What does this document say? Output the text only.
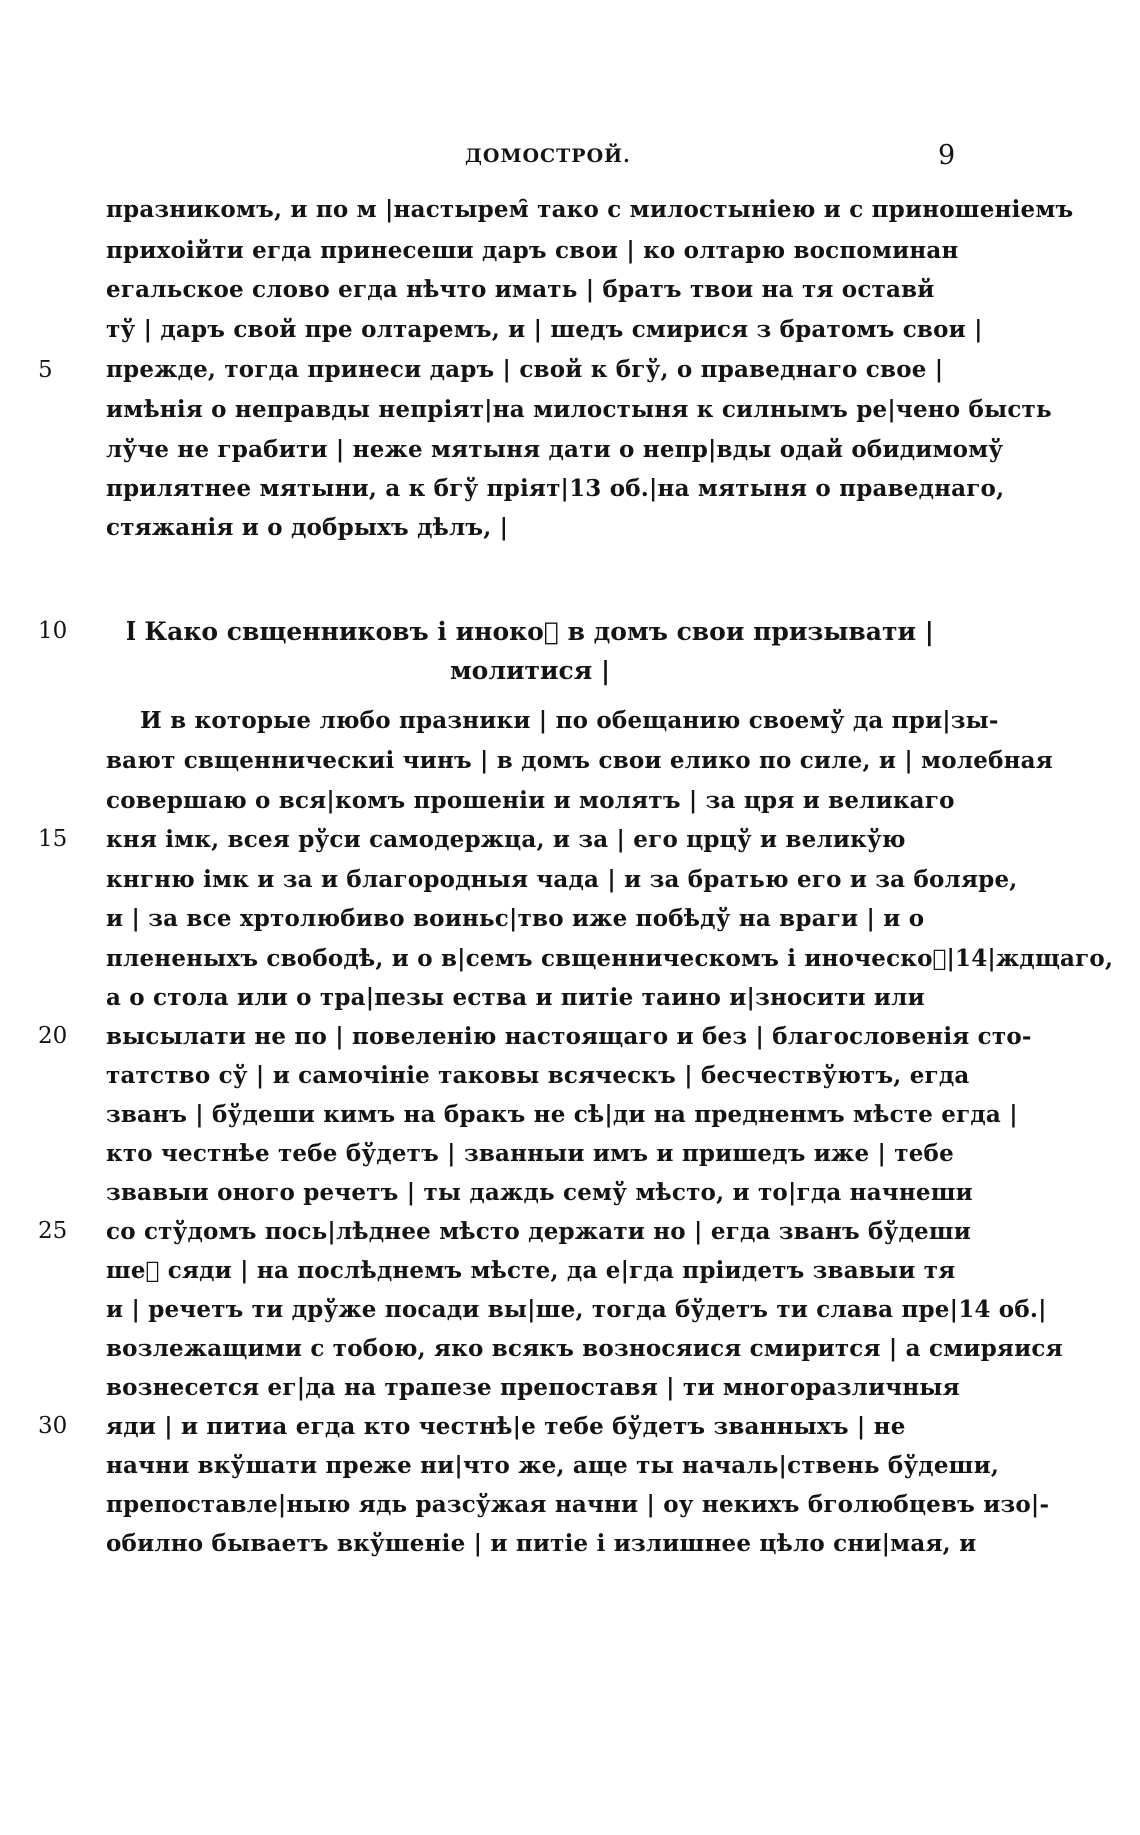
ДОМОСТРОЙ.	9
5
10
15
20
25
30
празникомъ, и по м |настырем̑ тако с милостыніею и с приношеніемъ
прихоійти егда принесеши даръ свои | ко олтарю воспоминан
егальское слово егда нѣчто имать | братъ твои на тя оставй
тў | даръ свой пре олтаремъ, и | шедъ смирися з братомъ свои |
прежде, тогда принеси даръ | свой к бгў, о праведнаго свое |
имѣнія о неправды непріят|на милостыня к силнымъ ре|чено бысть
лўче не грабити | неже мятыня дати о непр|вды одай обидимомў
прилятнее мятыни, а к бгў пріят|13 об.|на мятыня о праведнаго,
стяжанія и о добрыхъ дѣлъ, |
ӏ Како свщенниковъ і инокоⷡ в домъ свои призывати |
молитися |
И в которые любо празники | по обещанию своемў да при|зы-
вают свщенническиі чинъ | в домъ свои елико по силе, и | молебная
совершаю о вся|комъ прошеніи и молятъ | за цря и великаго
кня імк, всея рўси самодержца, и за | его црцў и великўю
кнгню імк и за и благородныя чада | и за братью его и за боляре,
и | за все хртолюбиво воиньс|тво иже побѣдў на враги | и о
плененыхъ свободѣ, и о в|семъ свщенническомъ і иноческоⷨ|14|ждщаго,
а о стола или о тра|пезы ества и питіе таино и|зносити или
высылати не по | повеленію настоящаго и без | благословенія сто-
татство сў | и самочініе таковы всяческъ | бесчествўютъ, егда
званъ | бўдеши кимъ на бракъ не сѣ|ди на предненмъ мѣсте егда |
кто честнѣе тебе бўдетъ | званныи имъ и пришедъ иже | тебе
звавыи оного речетъ | ты даждь семў мѣсто, и то|гда начнеши
со стўдомъ пось|лѣднее мѣсто держати но | егда званъ бўдеши
шеⷣ сяди | на послѣднемъ мѣсте, да е|гда пріидетъ звавыи тя
и | речетъ ти дрўже посади вы|ше, тогда бўдетъ ти слава пре|14 об.|
возлежащими с тобою, яко всякъ возносяися смирится | а смиряися
вознесется ег|да на трапезе препоставя | ти многоразличныя
яди | и питиа егда кто честнѣ|е тебе бўдетъ званныхъ | не
начни вкўшати преже ни|что же, аще ты началь|ствень бўдеши,
препоставле|ныю ядь разсўжая начни | оу некихъ бголюбцевъ изо|-
обилно бываетъ вкўшеніе | и питіе і излишнее цѣло сни|мая, и
